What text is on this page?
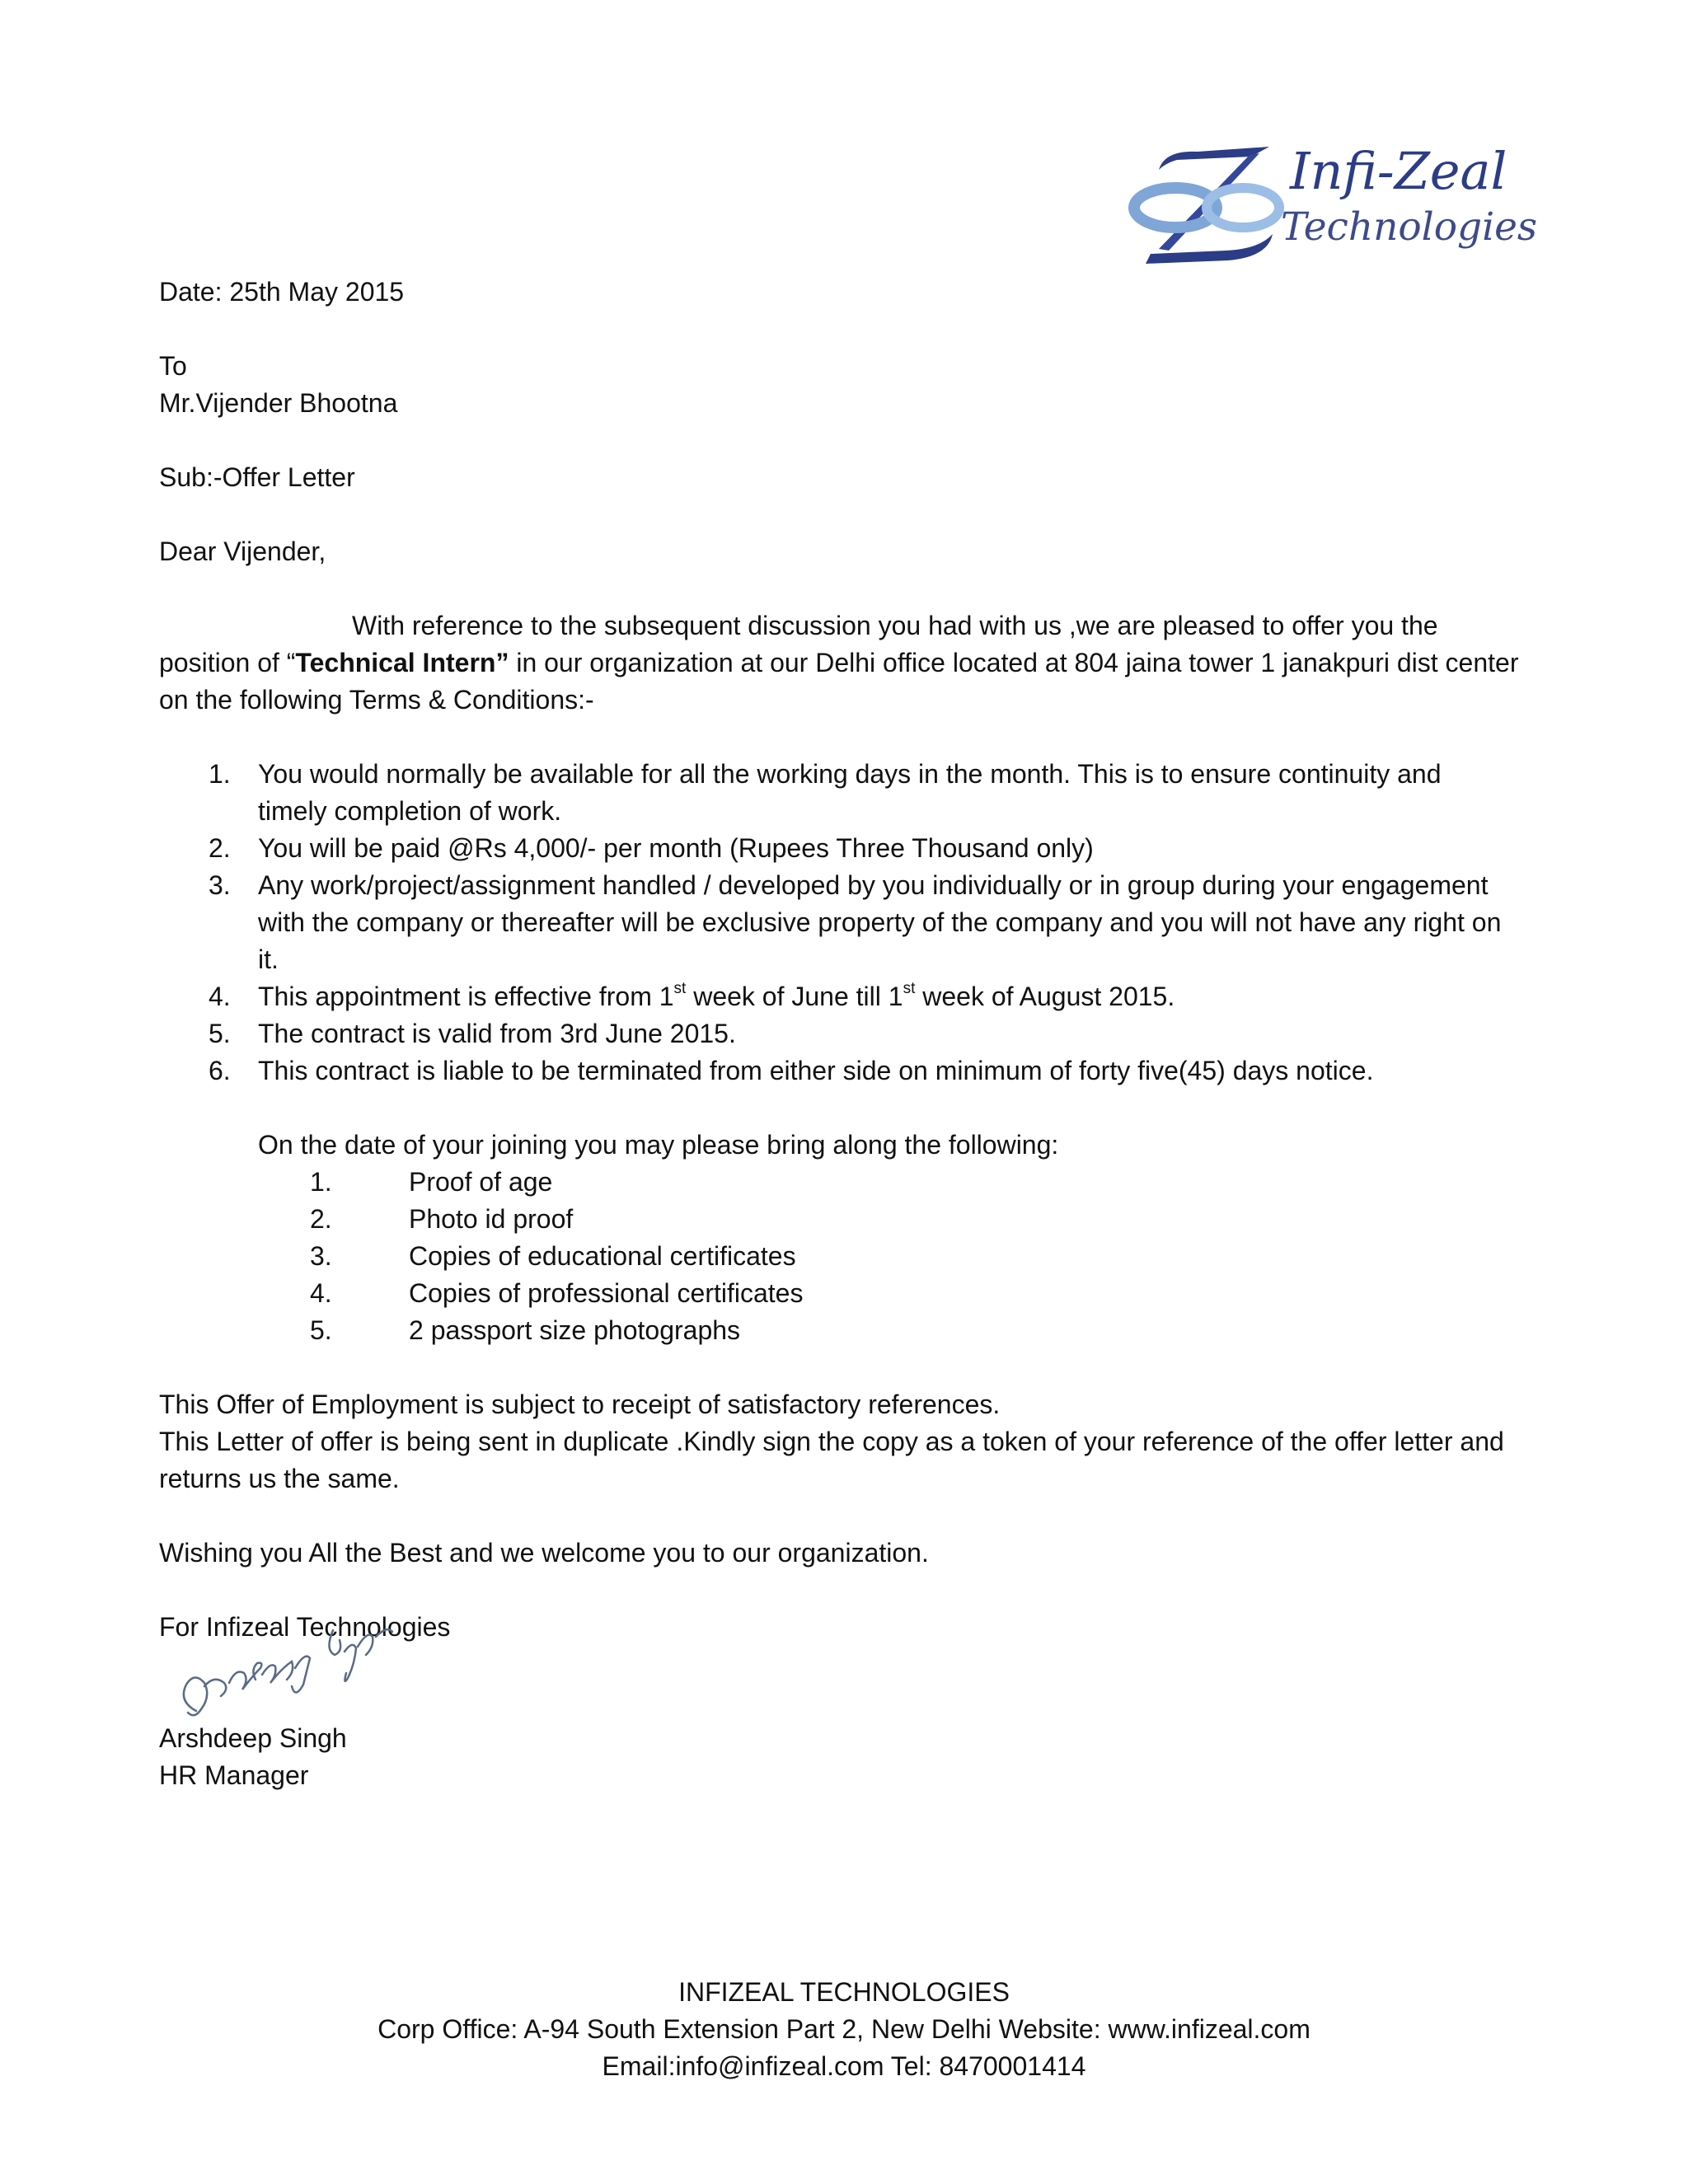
Infi-Zeal
Technologies
Date: 25th May 2015
To
Mr.Vijender Bhootna
Sub:-Offer Letter
Dear Vijender,

With reference to the subsequent discussion you had with us ,we are pleased to offer you the position of “Technical Intern” in our organization at our Delhi office located at 804 jaina tower 1 janakpuri dist center on the following Terms & Conditions:-

1. You would normally be available for all the working days in the month. This is to ensure continuity and timely completion of work.
2. You will be paid @Rs 4,000/- per month (Rupees Three Thousand only)
3. Any work/project/assignment handled / developed by you individually or in group during your engagement with the company or thereafter will be exclusive property of the company and you will not have any right on it.
4. This appointment is effective from 1st week of June till 1st week of August 2015.
5. The contract is valid from 3rd June 2015.
6. This contract is liable to be terminated from either side on minimum of forty five(45) days notice.
On the date of your joining you may please bring along the following:
1.	Proof of age
2.	Photo id proof
3.	Copies of educational certificates
4.	Copies of professional certificates
5.	2 passport size photographs

This Offer of Employment is subject to receipt of satisfactory references.

This Letter of offer is being sent in duplicate .Kindly sign the copy as a token of your reference of the offer letter and returns us the same.

Wishing you All the Best and we welcome you to our organization.
For Infizeal Technologies
Arshdeep Singh
HR Manager
INFIZEAL TECHNOLOGIES
Corp Office: A-94 South Extension Part 2, New Delhi Website: www.infizeal.com
Email:info@infizeal.com Tel: 8470001414
